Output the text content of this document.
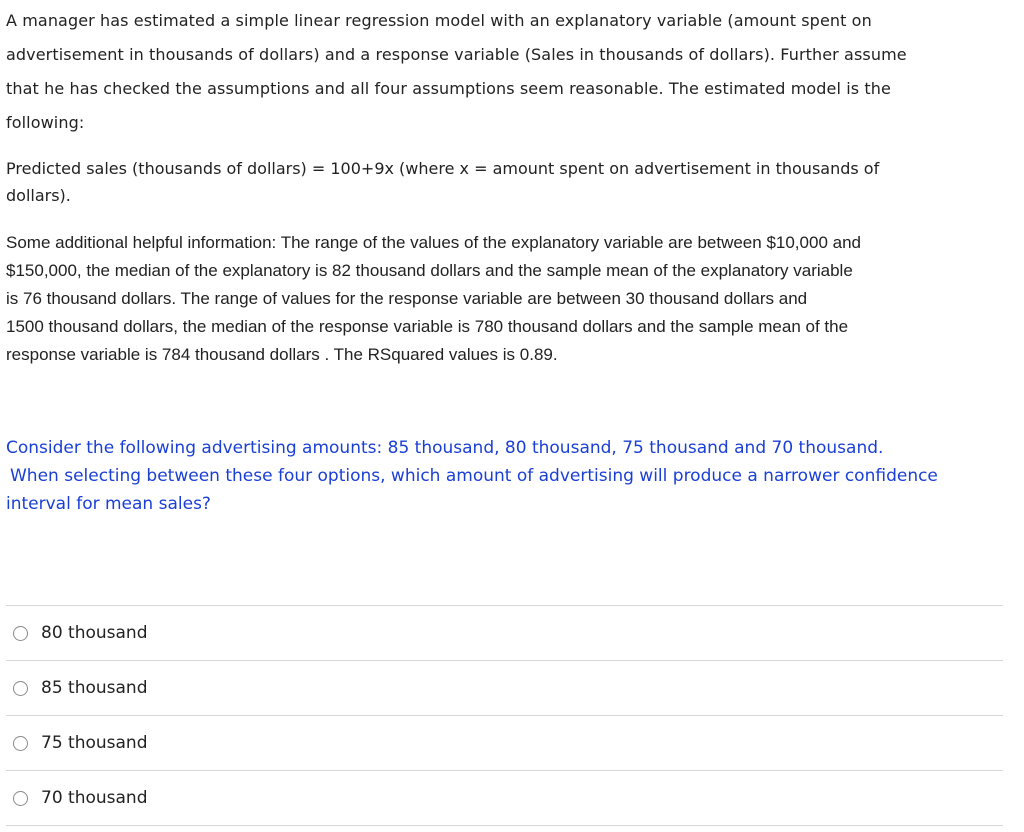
A manager has estimated a simple linear regression model with an explanatory variable (amount spent on
advertisement in thousands of dollars) and a response variable (Sales in thousands of dollars). Further assume
that he has checked the assumptions and all four assumptions seem reasonable. The estimated model is the
following:
Predicted sales (thousands of dollars) = 100+9x (where x = amount spent on advertisement in thousands of
dollars).
Some additional helpful information: The range of the values of the explanatory variable are between $10,000 and
$150,000, the median of the explanatory is 82 thousand dollars and the sample mean of the explanatory variable
is 76 thousand dollars. The range of values for the response variable are between 30 thousand dollars and
1500 thousand dollars, the median of the response variable is 780 thousand dollars and the sample mean of the
response variable is 784 thousand dollars . The RSquared values is 0.89.
Consider the following advertising amounts: 85 thousand, 80 thousand, 75 thousand and 70 thousand.
When selecting between these four options, which amount of advertising will produce a narrower confidence
interval for mean sales?
80 thousand
85 thousand
75 thousand
70 thousand
